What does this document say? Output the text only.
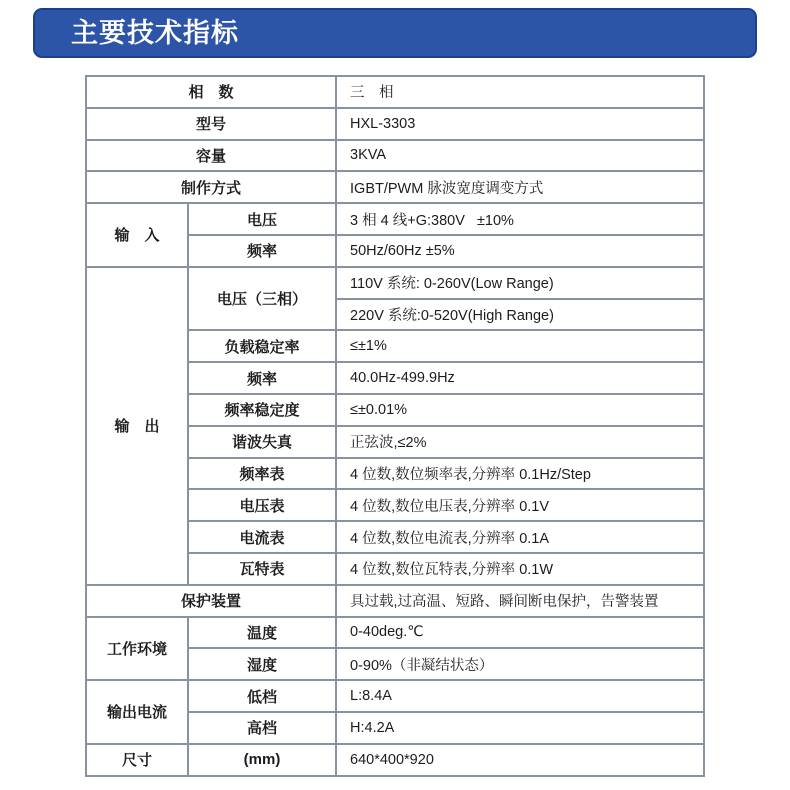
主要技术指标
相　数		三　相
型号		HXL-3303
容量		3KVA
制作方式		IGBT/PWM 脉波宽度调变方式
输　入	电压	3 相 4 线+G:380V   ±10%
	频率	50Hz/60Hz ±5%
输　出	电压（三相）	110V 系统: 0-260V(Low Range)
		220V 系统:0-520V(High Range)
	负载稳定率	≤±1%
	频率	40.0Hz-499.9Hz
	频率稳定度	≤±0.01%
	谐波失真	正弦波,≤2%
	频率表	4 位数,数位频率表,分辨率 0.1Hz/Step
	电压表	4 位数,数位电压表,分辨率 0.1V
	电流表	4 位数,数位电流表,分辨率 0.1A
	瓦特表	4 位数,数位瓦特表,分辨率 0.1W
保护装置		具过载,过高温、短路、瞬间断电保护，告警装置
工作环境	温度	0-40deg.℃
	湿度	0-90%（非凝结状态）
输出电流	低档	L:8.4A
	高档	H:4.2A
尺寸	(mm)	640*400*920
